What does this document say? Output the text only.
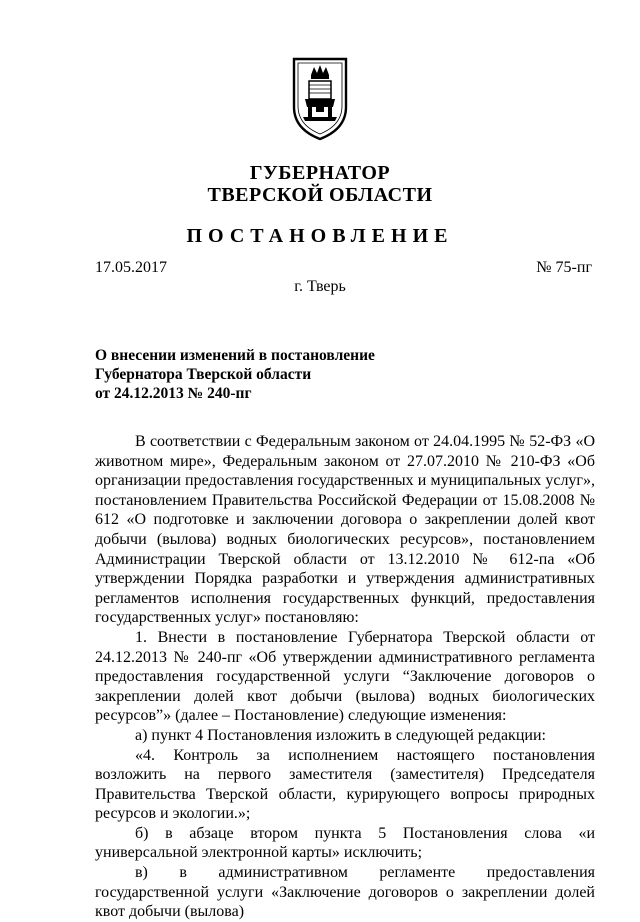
ГУБЕРНАТОР
ТВЕРСКОЙ ОБЛАСТИ
ПОСТАНОВЛЕНИЕ
17.05.2017	№ 75-пг
г. Тверь
О внесении изменений в постановление
Губернатора Тверской области
от 24.12.2013 № 240-пг

В соответствии с Федеральным законом от 24.04.1995 № 52-ФЗ «О животном мире», Федеральным законом от 27.07.2010 № 210-ФЗ «Об организации предоставления государственных и муниципальных услуг», постановлением Правительства Российской Федерации от 15.08.2008 № 612 «О подготовке и заключении договора о закреплении долей квот добычи (вылова) водных биологических ресурсов», постановлением Администрации Тверской области от 13.12.2010 № 612-па «Об утверждении Порядка разработки и утверждения административных регламентов исполнения государственных функций, предоставления государственных услуг» постановляю:

1. Внести в постановление Губернатора Тверской области от 24.12.2013 № 240-пг «Об утверждении административного регламента предоставления государственной услуги “Заключение договоров о закреплении долей квот добычи (вылова) водных биологических ресурсов”» (далее – Постановление) следующие изменения:

а) пункт 4 Постановления изложить в следующей редакции:

«4. Контроль за исполнением настоящего постановления возложить на первого заместителя (заместителя) Председателя Правительства Тверской области, курирующего вопросы природных ресурсов и экологии.»;

б) в абзаце втором пункта 5 Постановления слова «и универсальной электронной карты» исключить;

в) в административном регламенте предоставления государственной услуги «Заключение договоров о закреплении долей квот добычи (вылова)
